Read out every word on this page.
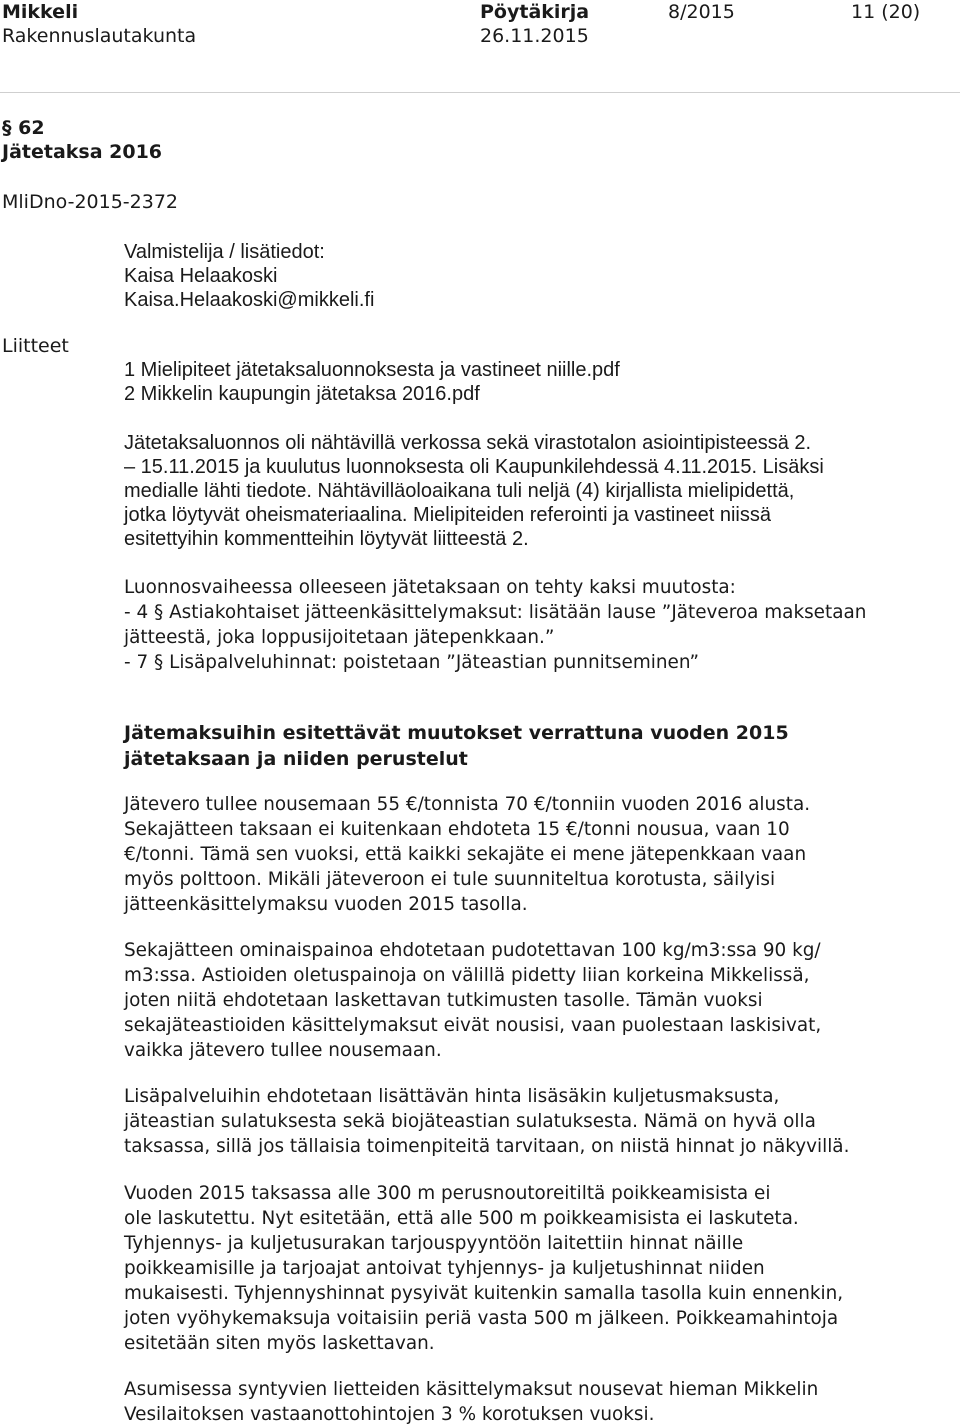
Mikkeli	Pöytäkirja	8/2015	11 (20)
Rakennuslautakunta	26.11.2015
§ 62
Jätetaksa 2016
MliDno-2015-2372
Valmistelija / lisätiedot:
Kaisa Helaakoski
Kaisa.Helaakoski@mikkeli.fi
Liitteet
1 Mielipiteet jätetaksaluonnoksesta ja vastineet niille.pdf
2 Mikkelin kaupungin jätetaksa 2016.pdf
Jätetaksaluonnos oli nähtävillä verkossa sekä virastotalon asiointipisteessä 2.
– 15.11.2015 ja kuulutus luonnoksesta oli Kaupunkilehdessä 4.11.2015. Lisäksi
medialle lähti tiedote. Nähtävilläoloaikana tuli neljä (4) kirjallista mielipidettä,
jotka löytyvät oheismateriaalina. Mielipiteiden referointi ja vastineet niissä
esitettyihin kommentteihin löytyvät liitteestä 2.
Luonnosvaiheessa olleeseen jätetaksaan on tehty kaksi muutosta:
- 4 § Astiakohtaiset jätteenkäsittelymaksut: lisätään lause ”Jäteveroa maksetaan
jätteestä, joka loppusijoitetaan jätepenkkaan.”
- 7 § Lisäpalveluhinnat: poistetaan ”Jäteastian punnitseminen”
Jätemaksuihin esitettävät muutokset verrattuna vuoden 2015
jätetaksaan ja niiden perustelut
Jätevero tullee nousemaan 55 €/tonnista 70 €/tonniin vuoden 2016 alusta.
Sekajätteen taksaan ei kuitenkaan ehdoteta 15 €/tonni nousua, vaan 10
€/tonni. Tämä sen vuoksi, että kaikki sekajäte ei mene jätepenkkaan vaan
myös polttoon. Mikäli jäteveroon ei tule suunniteltua korotusta, säilyisi
jätteenkäsittelymaksu vuoden 2015 tasolla.
Sekajätteen ominaispainoa ehdotetaan pudotettavan 100 kg/m3:ssa 90 kg/
m3:ssa. Astioiden oletuspainoja on välillä pidetty liian korkeina Mikkelissä,
joten niitä ehdotetaan laskettavan tutkimusten tasolle. Tämän vuoksi
sekajäteastioiden käsittelymaksut eivät nousisi, vaan puolestaan laskisivat,
vaikka jätevero tullee nousemaan.
Lisäpalveluihin ehdotetaan lisättävän hinta lisäsäkin kuljetusmaksusta,
jäteastian sulatuksesta sekä biojäteastian sulatuksesta. Nämä on hyvä olla
taksassa, sillä jos tällaisia toimenpiteitä tarvitaan, on niistä hinnat jo näkyvillä.
Vuoden 2015 taksassa alle 300 m perusnoutoreitiltä poikkeamisista ei
ole laskutettu. Nyt esitetään, että alle 500 m poikkeamisista ei laskuteta.
Tyhjennys- ja kuljetusurakan tarjouspyyntöön laitettiin hinnat näille
poikkeamisille ja tarjoajat antoivat tyhjennys- ja kuljetushinnat niiden
mukaisesti. Tyhjennyshinnat pysyivät kuitenkin samalla tasolla kuin ennenkin,
joten vyöhykemaksuja voitaisiin periä vasta 500 m jälkeen. Poikkeamahintoja
esitetään siten myös laskettavan.
Asumisessa syntyvien lietteiden käsittelymaksut nousevat hieman Mikkelin
Vesilaitoksen vastaanottohintojen 3 % korotuksen vuoksi.
